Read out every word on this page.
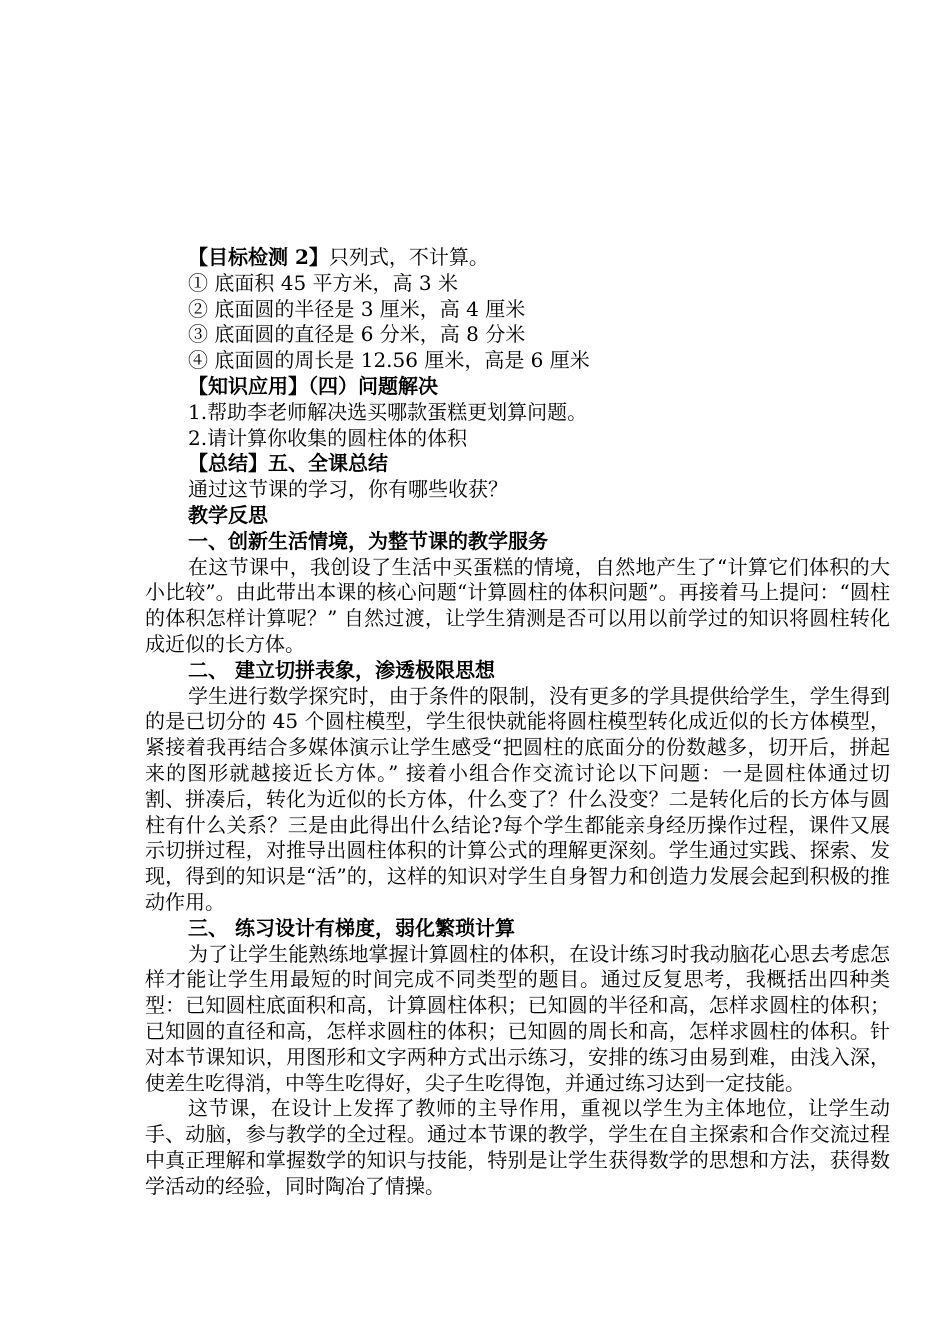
【目标检测 2】只列式，不计算。

① 底面积 45 平方米，高 3 米

② 底面圆的半径是 3 厘米，高 4 厘米

③ 底面圆的直径是 6 分米，高 8 分米

④ 底面圆的周长是 12.56 厘米，高是 6 厘米

【知识应用】（四）问题解决

1.帮助李老师解决选买哪款蛋糕更划算问题。

2.请计算你收集的圆柱体的体积

【总结】五、全课总结

通过这节课的学习，你有哪些收获？

教学反思

一、创新生活情境，为整节课的教学服务

在这节课中，我创设了生活中买蛋糕的情境，自然地产生了“计算它们体积的大小比较”。由此带出本课的核心问题“计算圆柱的体积问题”。再接着马上提问：“圆柱的体积怎样计算呢？” 自然过渡，让学生猜测是否可以用以前学过的知识将圆柱转化成近似的长方体。

二、 建立切拼表象，渗透极限思想

学生进行数学探究时，由于条件的限制，没有更多的学具提供给学生，学生得到的是已切分的 45 个圆柱模型，学生很快就能将圆柱模型转化成近似的长方体模型，紧接着我再结合多媒体演示让学生感受“把圆柱的底面分的份数越多，切开后，拼起来的图形就越接近长方体。” 接着小组合作交流讨论以下问题：一是圆柱体通过切割、拼凑后，转化为近似的长方体，什么变了？什么没变？二是转化后的长方体与圆柱有什么关系？三是由此得出什么结论?每个学生都能亲身经历操作过程，课件又展示切拼过程，对推导出圆柱体积的计算公式的理解更深刻。学生通过实践、探索、发现，得到的知识是“活”的，这样的知识对学生自身智力和创造力发展会起到积极的推动作用。

三、 练习设计有梯度，弱化繁琐计算

为了让学生能熟练地掌握计算圆柱的体积，在设计练习时我动脑花心思去考虑怎样才能让学生用最短的时间完成不同类型的题目。通过反复思考，我概括出四种类型：已知圆柱底面积和高，计算圆柱体积；已知圆的半径和高，怎样求圆柱的体积；已知圆的直径和高，怎样求圆柱的体积；已知圆的周长和高，怎样求圆柱的体积。针对本节课知识，用图形和文字两种方式出示练习，安排的练习由易到难，由浅入深，使差生吃得消，中等生吃得好，尖子生吃得饱，并通过练习达到一定技能。

这节课，在设计上发挥了教师的主导作用，重视以学生为主体地位，让学生动手、动脑，参与教学的全过程。通过本节课的教学，学生在自主探索和合作交流过程中真正理解和掌握数学的知识与技能，特别是让学生获得数学的思想和方法，获得数学活动的经验，同时陶冶了情操。
